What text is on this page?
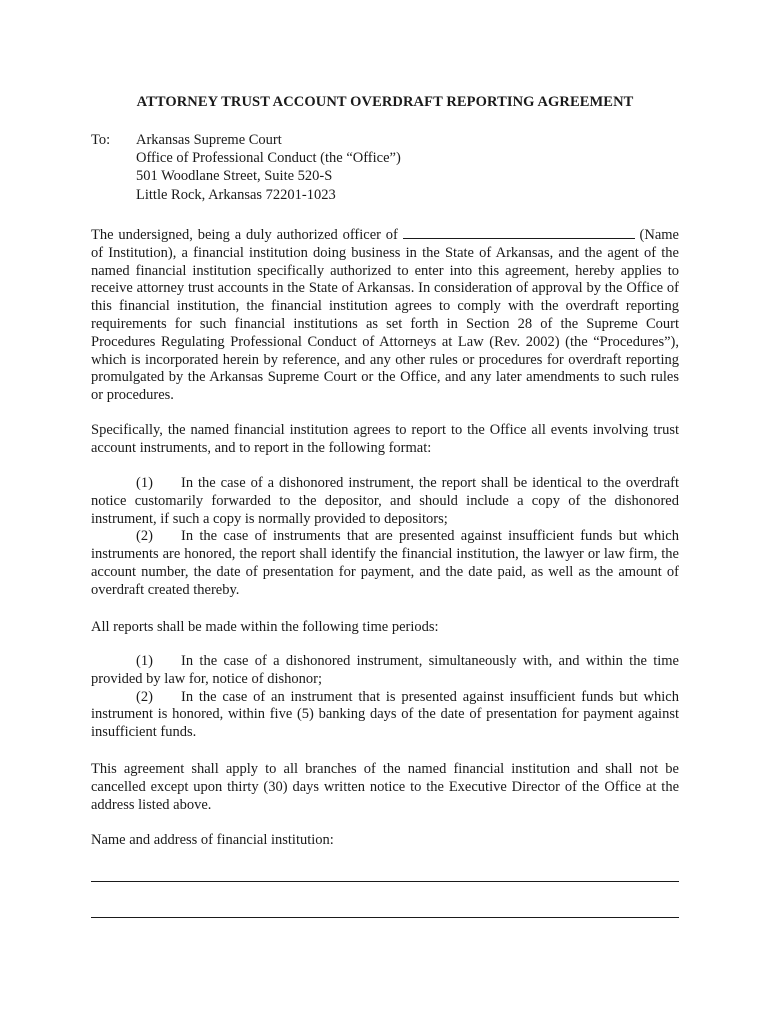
ATTORNEY TRUST ACCOUNT OVERDRAFT REPORTING AGREEMENT
To: Arkansas Supreme Court
Office of Professional Conduct (the “Office”)
501 Woodlane Street, Suite 520-S
Little Rock, Arkansas 72201-1023

The undersigned, being a duly authorized officer of	(Name of Institution), a financial institution doing business in the State of Arkansas, and the agent of the named financial institution specifically authorized to enter into this agreement, hereby applies to receive attorney trust accounts in the State of Arkansas. In consideration of approval by the Office of this financial institution, the financial institution agrees to comply with the overdraft reporting requirements for such financial institutions as set forth in Section 28 of the Supreme Court Procedures Regulating Professional Conduct of Attorneys at Law (Rev. 2002) (the “Procedures”), which is incorporated herein by reference, and any other rules or procedures for overdraft reporting promulgated by the Arkansas Supreme Court or the Office, and any later amendments to such rules or procedures.

Specifically, the named financial institution agrees to report to the Office all events involving trust account instruments, and to report in the following format:

(1) In the case of a dishonored instrument, the report shall be identical to the overdraft notice customarily forwarded to the depositor, and should include a copy of the dishonored instrument, if such a copy is normally provided to depositors;

(2) In the case of instruments that are presented against insufficient funds but which instruments are honored, the report shall identify the financial institution, the lawyer or law firm, the account number, the date of presentation for payment, and the date paid, as well as the amount of overdraft created thereby.

All reports shall be made within the following time periods:

(1) In the case of a dishonored instrument, simultaneously with, and within the time provided by law for, notice of dishonor;

(2) In the case of an instrument that is presented against insufficient funds but which instrument is honored, within five (5) banking days of the date of presentation for payment against insufficient funds.

This agreement shall apply to all branches of the named financial institution and shall not be cancelled except upon thirty (30) days written notice to the Executive Director of the Office at the address listed above.

Name and address of financial institution:
